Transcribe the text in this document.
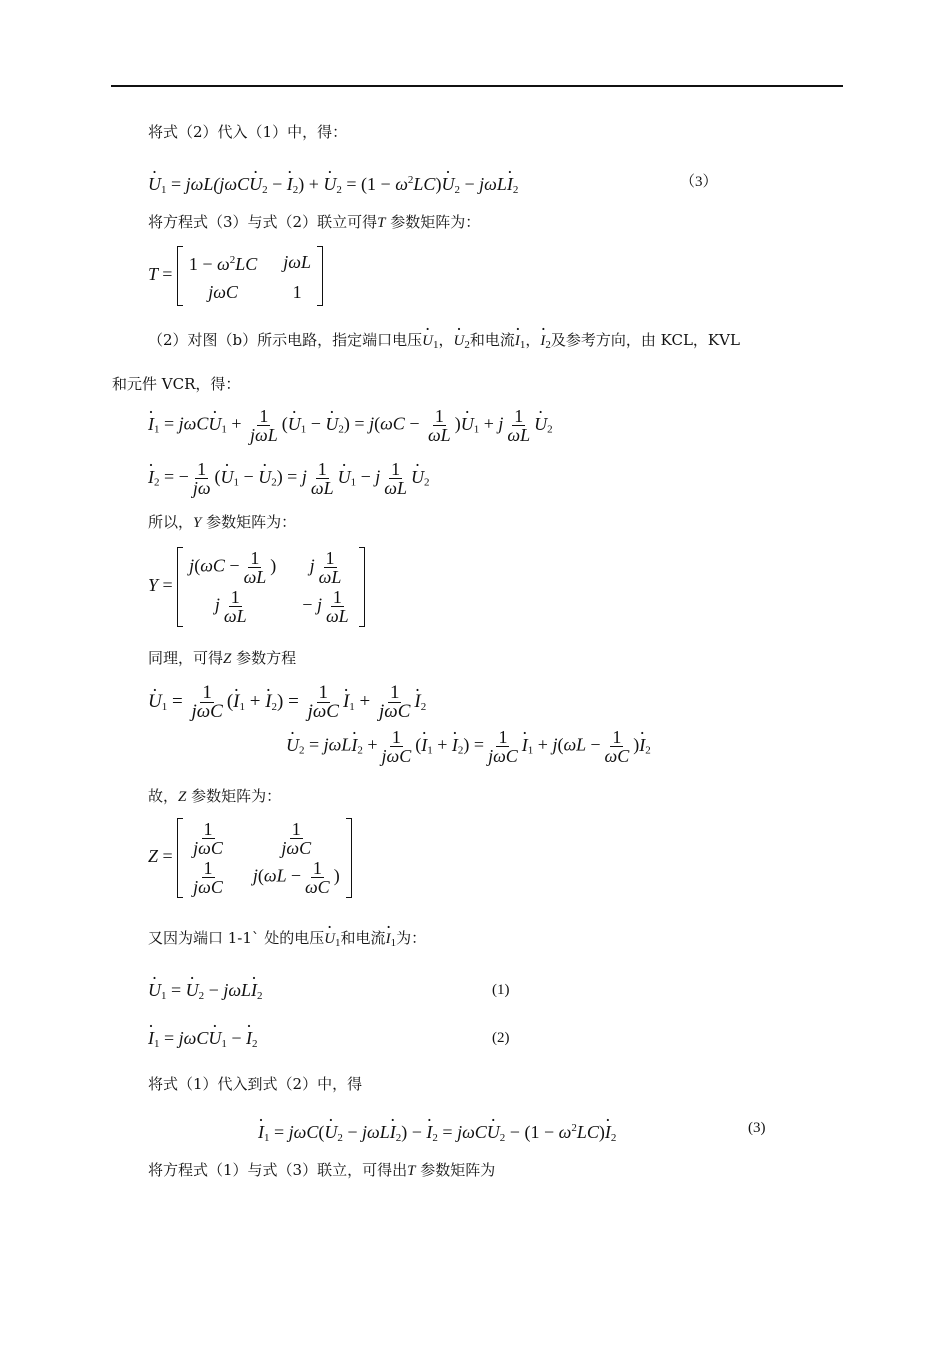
将式（2）代入（1）中，得：
· $U_1 = j\omega L(j\omega C\cdot U_2$ − · $I_2$) + · $U_2 = (1 - \omega^2LC)\cdot U_2 - j\omega L\cdot I_2$	（3）
将方程式（3）与式（2）联立可得T 参数矩阵为：
T =
$1 - \omega^2LC$ jωL
jωC	1
（2）对图（b）所示电路，指定端口电压· $U_1$，· $U_2$和电流· $I_1$，· $I_2$及参考方向，由 KCL，KVL
和元件 VCR，得：
· $I_1 = j\omega C\cdot U_1 + \frac{1}{\text{jωL}}$ (· $U_1$ − · $U_2) = j(\omega C - \frac{1}{\omega L}$ )· $U_1 + j \frac{1}{\omega L}$
· $U_2$
· $I_2$ = − $\frac{1}{j\omega}$ (· $U_1$ − · $U_2) = j \frac{1}{\omega L}$
· $U_1 - j \frac{1}{\omega L}$
· $U_2$
所以，Y 参数矩阵为：
Y =
$j(\omega C - \frac{1}{\omega L}$ ) j $\frac{1}{\omega L}$
j $\frac{1}{\omega L}$	− j $\frac{1}{\omega L}$
同理，可得Z 参数方程
· $U_1 = \frac{1}{\text{jωC}}$ (· $I_1$ + · $I_2) = \frac{1}{\text{jωC}}$
· $I_1 + \frac{1}{\text{jωC}}$
· $I_2$
· $U_2 = j\omega L\cdot I_2 + \frac{1}{\text{jωC}}$ (· $I_1$ + · $I_2) = \frac{1}{\text{jωC}}$
· $I_1 + j(\omega L - \frac{1}{\omega C}$ )· $I_2$
故，Z 参数矩阵为：
$Z = \frac{1}{\text{jωC}}$	$\frac{1}{\text{jωC}}$
$\frac{1}{\text{jωC}} j(\omega L - \frac{1}{\omega C}$ )
又因为端口 1-1` 处的电压· $U_1$和电流· $I_1$为：
· $U_1$ = · $U_2 - j\omega L\cdot I_2$	(1)
· $I_1 = j\omega C\cdot U_1$ − · $I_2$	(2)
将式（1）代入到式（2）中，得
· $I_1 = j\omega C(\cdot U_2 - j\omega L\cdot I_2)$ − · $I_2 = j\omega C\cdot U_2 - (1 - \omega^2LC)\cdot I_2$
(3)
将方程式（1）与式（3）联立，可得出T 参数矩阵为
